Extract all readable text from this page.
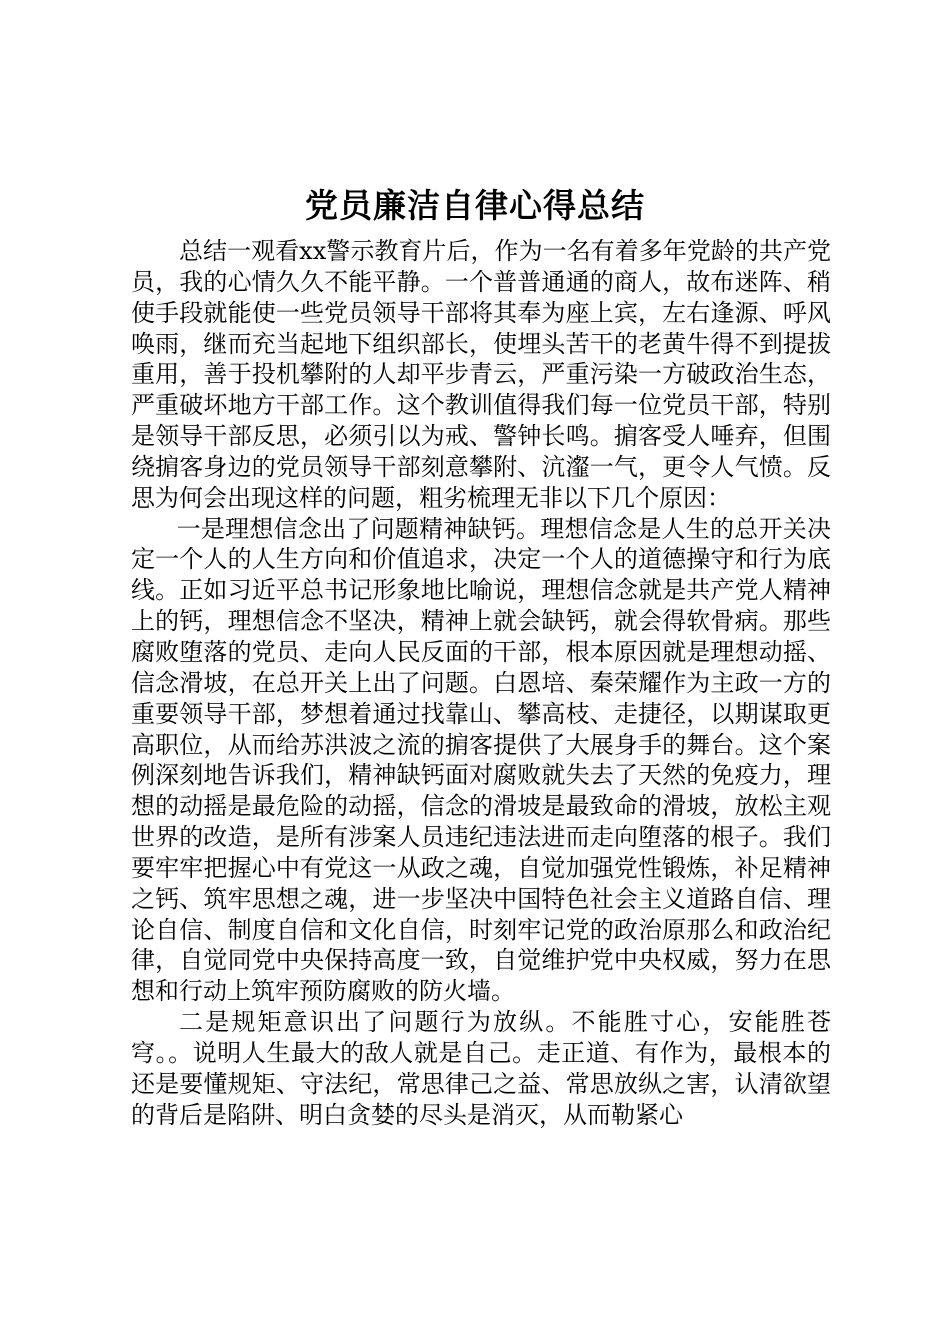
党员廉洁自律心得总结

总结一观看xx警示教育片后，作为一名有着多年党龄的共产党员，我的心情久久不能平静。一个普普通通的商人，故布迷阵、稍使手段就能使一些党员领导干部将其奉为座上宾，左右逢源、呼风唤雨，继而充当起地下组织部长，使埋头苦干的老黄牛得不到提拔重用，善于投机攀附的人却平步青云，严重污染一方破政治生态，严重破坏地方干部工作。这个教训值得我们每一位党员干部，特别是领导干部反思，必须引以为戒、警钟长鸣。掮客受人唾弃，但围绕掮客身边的党员领导干部刻意攀附、沆瀣一气，更令人气愤。反思为何会出现这样的问题，粗劣梳理无非以下几个原因：

一是理想信念出了问题精神缺钙。理想信念是人生的总开关决定一个人的人生方向和价值追求，决定一个人的道德操守和行为底线。正如习近平总书记形象地比喻说，理想信念就是共产党人精神上的钙，理想信念不坚决，精神上就会缺钙，就会得软骨病。那些腐败堕落的党员、走向人民反面的干部，根本原因就是理想动摇、信念滑坡，在总开关上出了问题。白恩培、秦荣耀作为主政一方的重要领导干部，梦想着通过找靠山、攀高枝、走捷径，以期谋取更高职位，从而给苏洪波之流的掮客提供了大展身手的舞台。这个案例深刻地告诉我们，精神缺钙面对腐败就失去了天然的免疫力，理想的动摇是最危险的动摇，信念的滑坡是最致命的滑坡，放松主观世界的改造，是所有涉案人员违纪违法进而走向堕落的根子。我们要牢牢把握心中有党这一从政之魂，自觉加强党性锻炼，补足精神之钙、筑牢思想之魂，进一步坚决中国特色社会主义道路自信、理论自信、制度自信和文化自信，时刻牢记党的政治原那么和政治纪律，自觉同党中央保持高度一致，自觉维护党中央权威，努力在思想和行动上筑牢预防腐败的防火墙。

二是规矩意识出了问题行为放纵。不能胜寸心，安能胜苍穹。。说明人生最大的敌人就是自己。走正道、有作为，最根本的还是要懂规矩、守法纪，常思律己之益、常思放纵之害，认清欲望的背后是陷阱、明白贪婪的尽头是消灭，从而勒紧心
